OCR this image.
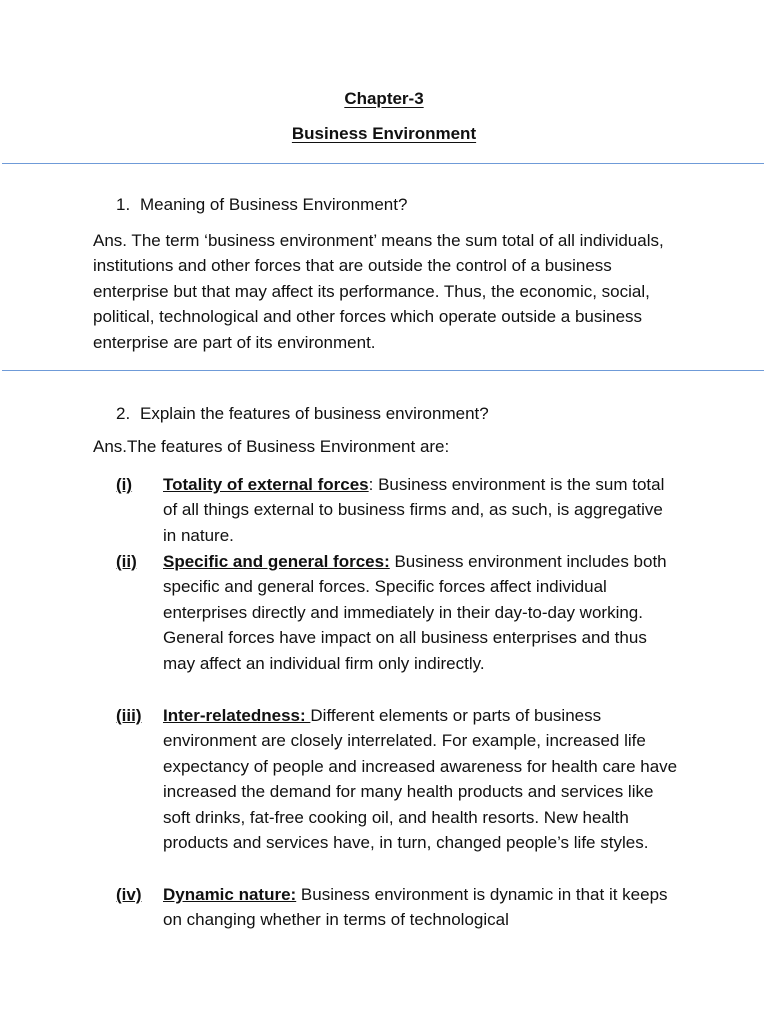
Chapter-3
Business Environment
1. Meaning of Business Environment?
Ans. The term ‘business environment’ means the sum total of all individuals, institutions and other forces that are outside the control of a business enterprise but that may affect its performance. Thus, the economic, social, political, technological and other forces which operate outside a business enterprise are part of its environment.
2. Explain the features of business environment?
Ans.The features of Business Environment are:
(i) Totality of external forces: Business environment is the sum total of all things external to business firms and, as such, is aggregative in nature.
(ii) Specific and general forces: Business environment includes both specific and general forces. Specific forces affect individual enterprises directly and immediately in their day-to-day working. General forces have impact on all business enterprises and thus may affect an individual firm only indirectly.
(iii) Inter-relatedness: Different elements or parts of business environment are closely interrelated. For example, increased life expectancy of people and increased awareness for health care have increased the demand for many health products and services like soft drinks, fat-free cooking oil, and health resorts. New health products and services have, in turn, changed people’s life styles.
(iv) Dynamic nature: Business environment is dynamic in that it keeps on changing whether in terms of technological
